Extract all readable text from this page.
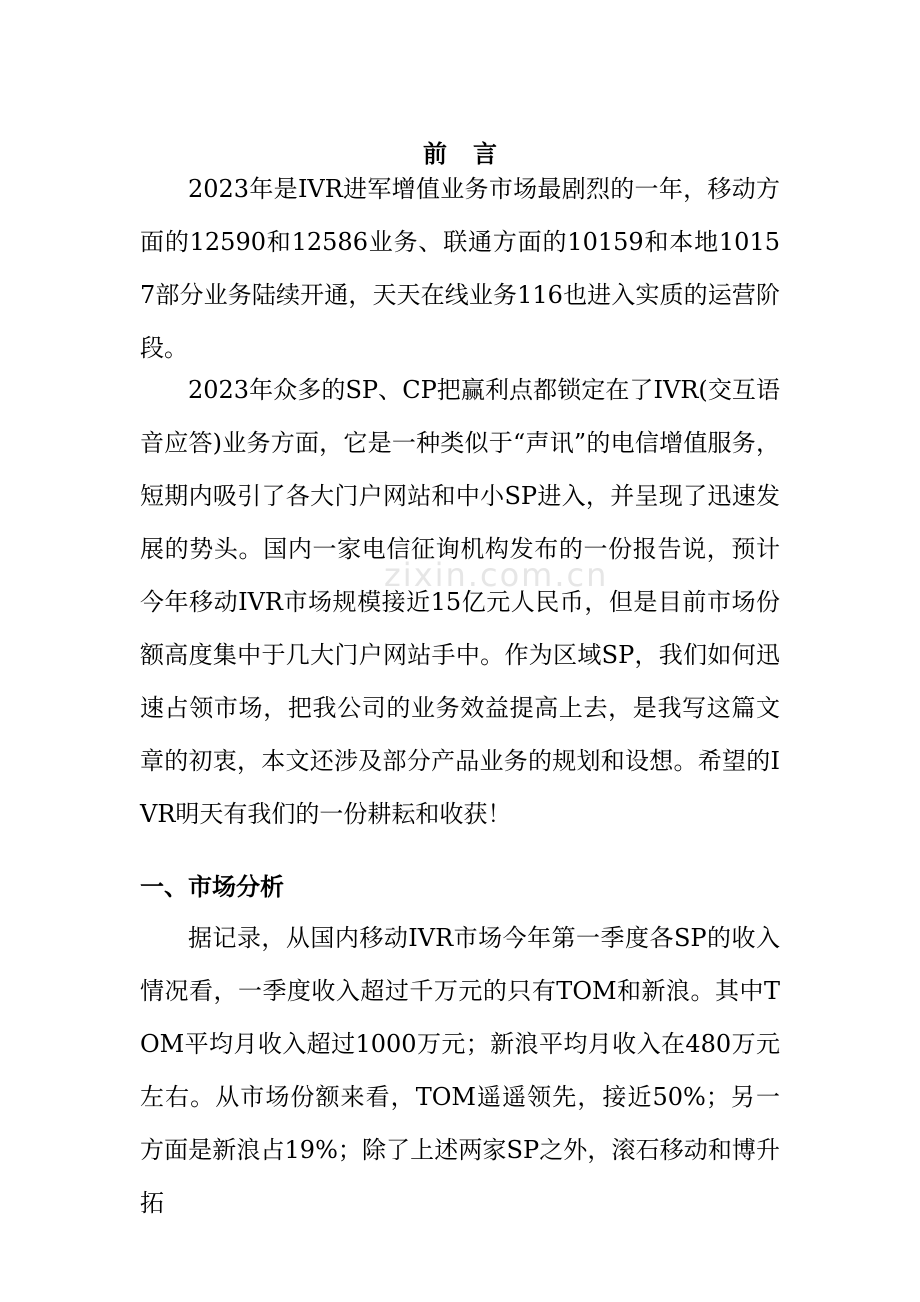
zixin.com.cn
前言

2023年是IVR进军增值业务市场最剧烈的一年，移动方面的12590和12586业务、联通方面的10159和本地10157部分业务陆续开通，天天在线业务116也进入实质的运营阶段。

2023年众多的SP、CP把赢利点都锁定在了IVR(交互语音应答)业务方面，它是一种类似于“声讯”的电信增值服务，短期内吸引了各大门户网站和中小SP进入，并呈现了迅速发展的势头。国内一家电信征询机构发布的一份报告说，预计今年移动IVR市场规模接近15亿元人民币，但是目前市场份额高度集中于几大门户网站手中。作为区域SP，我们如何迅速占领市场，把我公司的业务效益提高上去，是我写这篇文章的初衷，本文还涉及部分产品业务的规划和设想。希望的IVR明天有我们的一份耕耘和收获！

一、市场分析

据记录，从国内移动IVR市场今年第一季度各SP的收入情况看，一季度收入超过千万元的只有TOM和新浪。其中TOM平均月收入超过1000万元；新浪平均月收入在480万元左右。从市场份额来看，TOM遥遥领先，接近50%；另一方面是新浪占19%；除了上述两家SP之外，滚石移动和博升拓
